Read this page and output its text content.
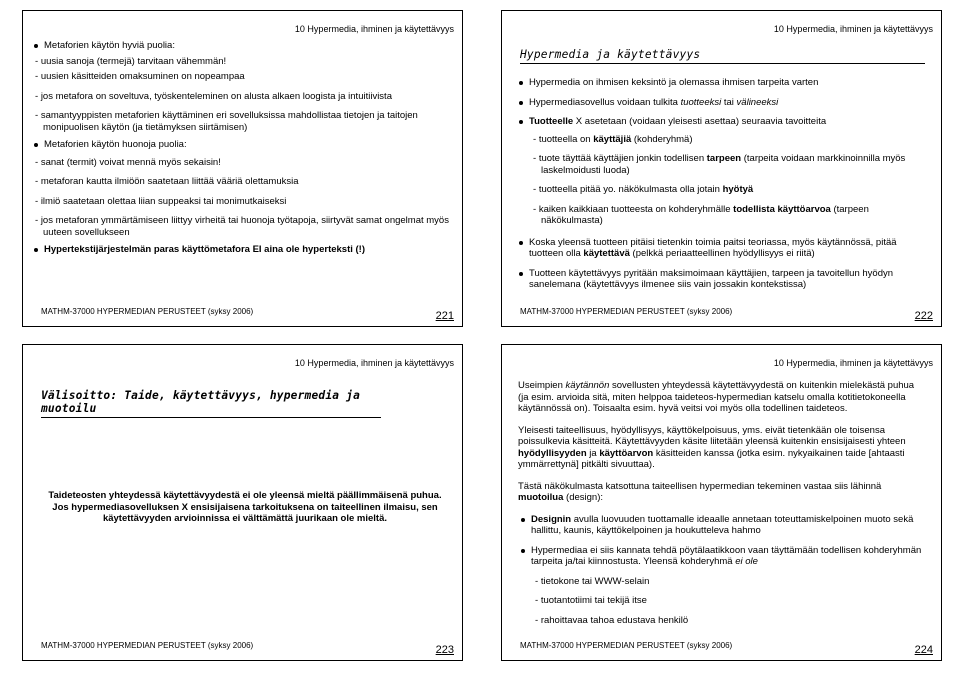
10 Hypermedia, ihminen ja käytettävyys
Metaforien käytön hyviä puolia:
- uusia sanoja (termejä) tarvitaan vähemmän!
- uusien käsitteiden omaksuminen on nopeampaa
- jos metafora on soveltuva, työskenteleminen on alusta alkaen loogista ja intuitiivista
- samantyyppisten metaforien käyttäminen eri sovelluksissa mahdollistaa tietojen ja taitojen monipuolisen käytön (ja tietämyksen siirtämisen)
Metaforien käytön huonoja puolia:
- sanat (termit) voivat mennä myös sekaisin!
- metaforan kautta ilmiöön saatetaan liittää vääriä olettamuksia
- ilmiö saatetaan olettaa liian suppeaksi tai monimutkaiseksi
- jos metaforan ymmärtämiseen liittyy virheitä tai huonoja työtapoja, siirtyvät samat ongelmat myös uuteen sovellukseen
Hypertekstijärjestelmän paras käyttömetafora EI aina ole hyperteksti (!)
MATHM-37000 HYPERMEDIAN PERUSTEET (syksy 2006)	221
10 Hypermedia, ihminen ja käytettävyys
Hypermedia ja käytettävyys
Hypermedia on ihmisen keksintö ja olemassa ihmisen tarpeita varten
Hypermediasovellus voidaan tulkita tuotteeksi tai välineeksi
Tuotteelle X asetetaan (voidaan yleisesti asettaa) seuraavia tavoitteita
- tuotteella on käyttäjiä (kohderyhmä)
- tuote täyttää käyttäjien jonkin todellisen tarpeen (tarpeita voidaan markkinoinnilla myös laskelmoidusti luoda)
- tuotteella pitää yo. näkökulmasta olla jotain hyötyä
- kaiken kaikkiaan tuotteesta on kohderyhmälle todellista käyttöarvoa (tarpeen näkökulmasta)
Koska yleensä tuotteen pitäisi tietenkin toimia paitsi teoriassa, myös käytännössä, pitää tuotteen olla käytettävä (pelkkä periaatteellinen hyödyllisyys ei riitä)
Tuotteen käytettävyys pyritään maksimoimaan käyttäjien, tarpeen ja tavoitellun hyödyn sanelemana (käytettävyys ilmenee siis vain jossakin kontekstissa)
MATHM-37000 HYPERMEDIAN PERUSTEET (syksy 2006)	222
10 Hypermedia, ihminen ja käytettävyys
Välisoitto: Taide, käytettävyys, hypermedia ja muotoilu
Taideteosten yhteydessä käytettävyydestä ei ole yleensä mieltä päällimmäisenä puhua. Jos hypermediasovelluksen X ensisijaisena tarkoituksena on taiteellinen ilmaisu, sen käytettävyyden arvioinnissa ei välttämättä juurikaan ole mieltä.
MATHM-37000 HYPERMEDIAN PERUSTEET (syksy 2006)	223
10 Hypermedia, ihminen ja käytettävyys
Useimpien käytännön sovellusten yhteydessä käytettävyydestä on kuitenkin mielekästä puhua (ja esim. arvioida sitä, miten helppoa taideteos-hypermedian katselu omalla kotitietokoneella käytännössä on). Toisaalta esim. hyvä veitsi voi myös olla todellinen taideteos.
Yleisesti taiteellisuus, hyödyllisyys, käyttökelpoisuus, yms. eivät tietenkään ole toisensa poissulkevia käsitteitä. Käytettävyyden käsite liitetään yleensä kuitenkin ensisijaisesti yhteen hyödyllisyyden ja käyttöarvon käsitteiden kanssa (jotka esim. nykyaikainen taide [ahtaasti ymmärrettynä] pitkälti sivuuttaa).
Tästä näkökulmasta katsottuna taiteellisen hypermedian tekeminen vastaa siis lähinnä muotoilua (design):
Designin avulla luovuuden tuottamalle ideaalle annetaan toteuttamiskelpoinen muoto sekä hallittu, kaunis, käyttökelpoinen ja houkutteleva hahmo
Hypermediaa ei siis kannata tehdä pöytälaatikkoon vaan täyttämään todellisen kohderyhmän tarpeita ja/tai kiinnostusta. Yleensä kohderyhmä ei ole
- tietokone tai WWW-selain
- tuotantotiimi tai tekijä itse
- rahoittavaa tahoa edustava henkilö
MATHM-37000 HYPERMEDIAN PERUSTEET (syksy 2006)	224
